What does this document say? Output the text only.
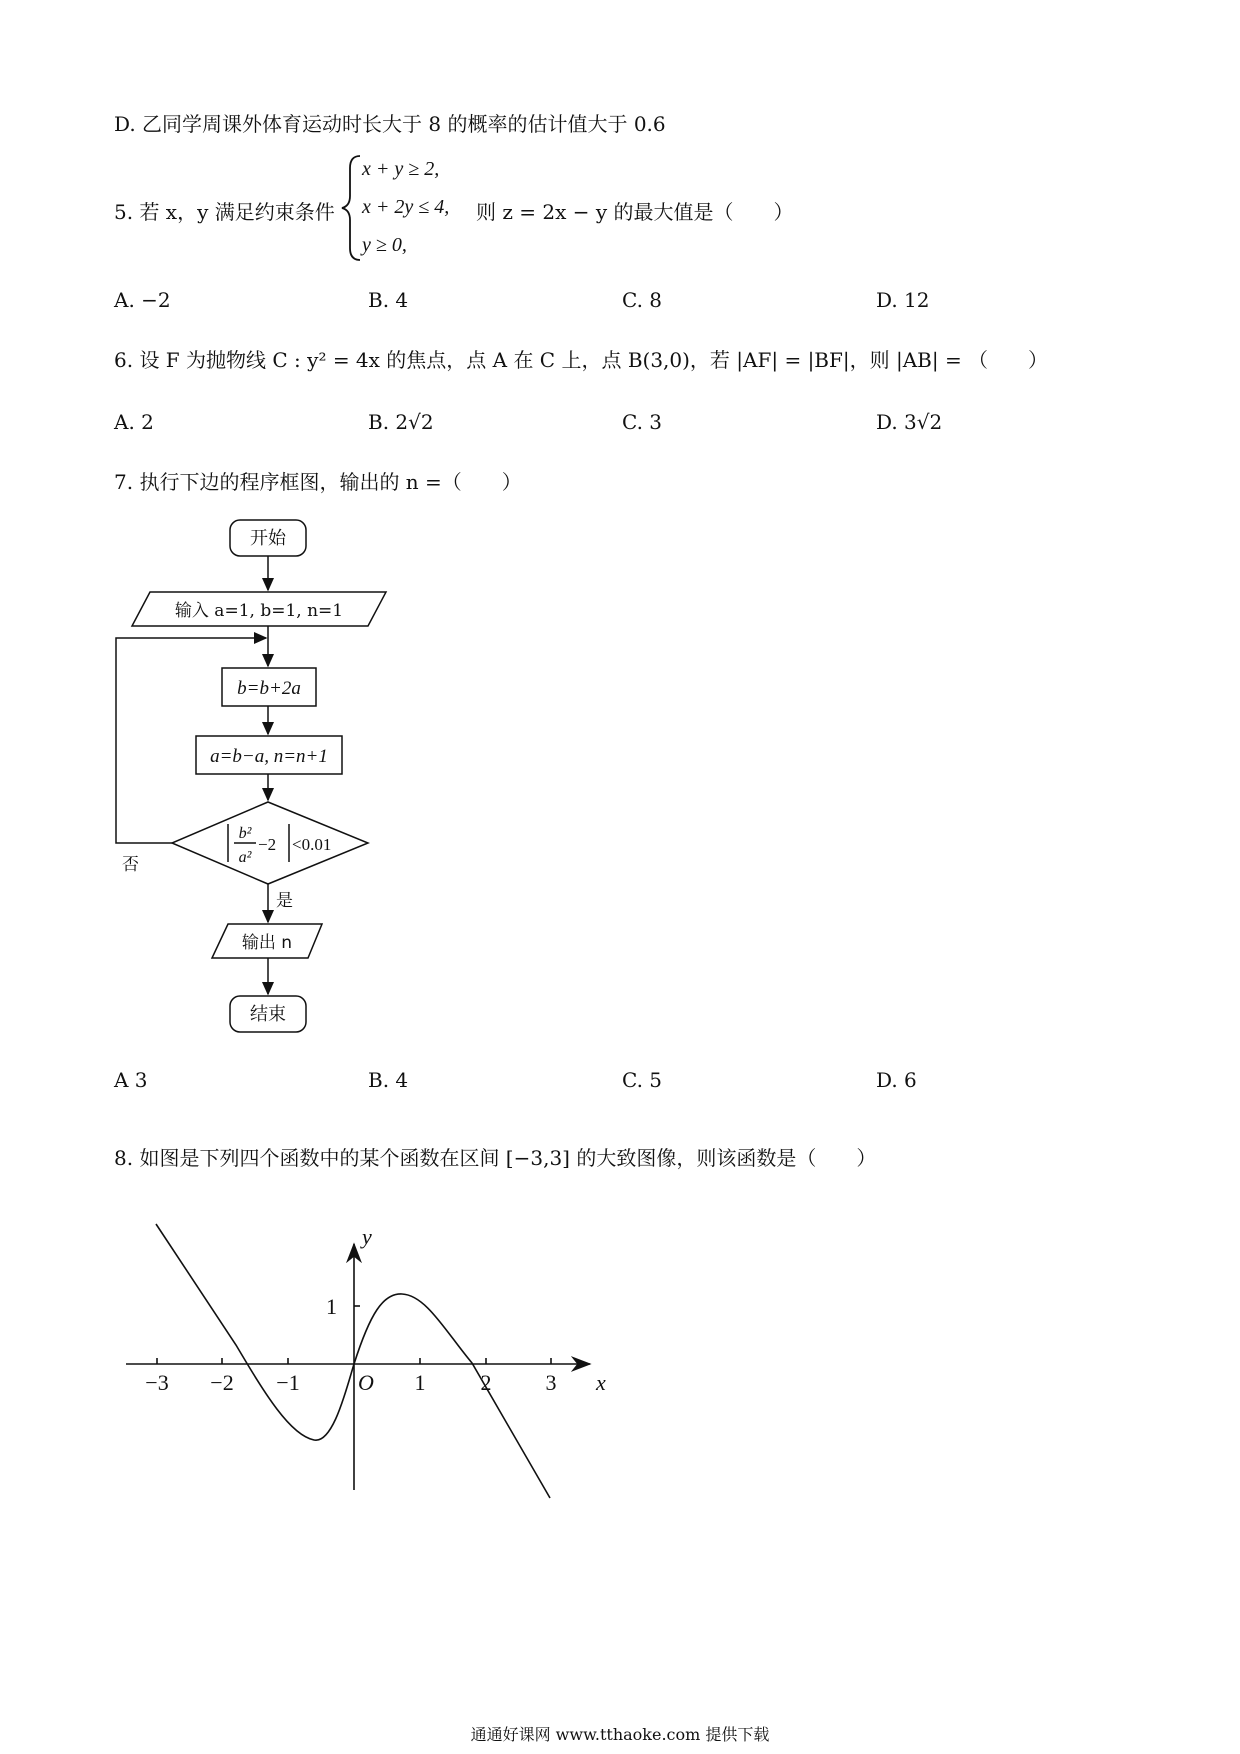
D. 乙同学周课外体育运动时长大于 8 的概率的估计值大于 0.6
5. 若 x，y 满足约束条件
x + y ≥ 2,
x + 2y ≤ 4,
y ≥ 0,
则 z = 2x − y 的最大值是（　　）
A. −2	B. 4	C. 8	D. 12
6. 设 F 为抛物线 C : y² = 4x 的焦点，点 A 在 C 上，点 B(3,0)，若 |AF| = |BF|，则 |AB| = （　　）
A. 2	B. 2√2	C. 3	D. 3√2
7. 执行下边的程序框图，输出的 n =（　　）
开始
输入 a=1, b=1, n=1
b=b+2a
a=b−a, n=n+1
b²
a²
−2 <0.01
否
是
输出 n
结束
A 3	B. 4	C. 5	D. 6
8. 如图是下列四个函数中的某个函数在区间 [−3,3] 的大致图像，则该函数是（　　）
y
x
O
1
−3 −2 −1	1	2 3
通通好课网 www.tthaoke.com 提供下载
